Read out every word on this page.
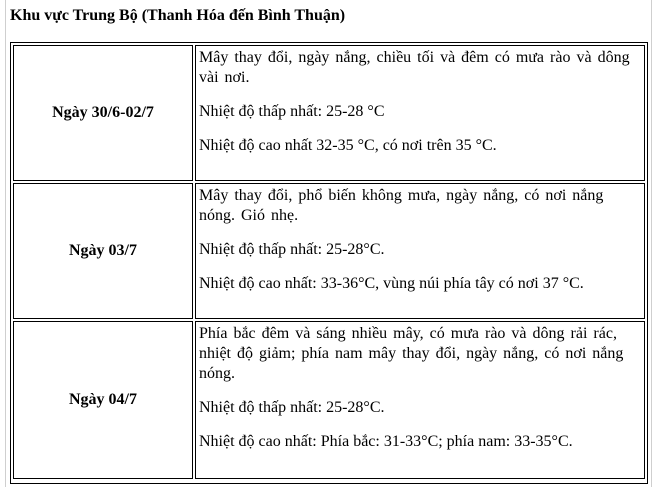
Khu vực Trung Bộ (Thanh Hóa đến Bình Thuận)
Ngày 30/6-02/7

Mây thay đổi, ngày nắng, chiều tối và đêm có mưa rào và dông vài nơi.

Nhiệt độ thấp nhất: 25-28 °C

Nhiệt độ cao nhất 32-35 °C, có nơi trên 35 °C.

Ngày 03/7

Mây thay đổi, phổ biến không mưa, ngày nắng, có nơi nắng nóng. Gió nhẹ.

Nhiệt độ thấp nhất: 25-28°C.

Nhiệt độ cao nhất: 33-36°C, vùng núi phía tây có nơi 37 °C.

Ngày 04/7

Phía bắc đêm và sáng nhiều mây, có mưa rào và dông rải rác, nhiệt độ giảm; phía nam mây thay đổi, ngày nắng, có nơi nắng nóng.

Nhiệt độ thấp nhất: 25-28°C.

Nhiệt độ cao nhất: Phía bắc: 31-33°C; phía nam: 33-35°C.
